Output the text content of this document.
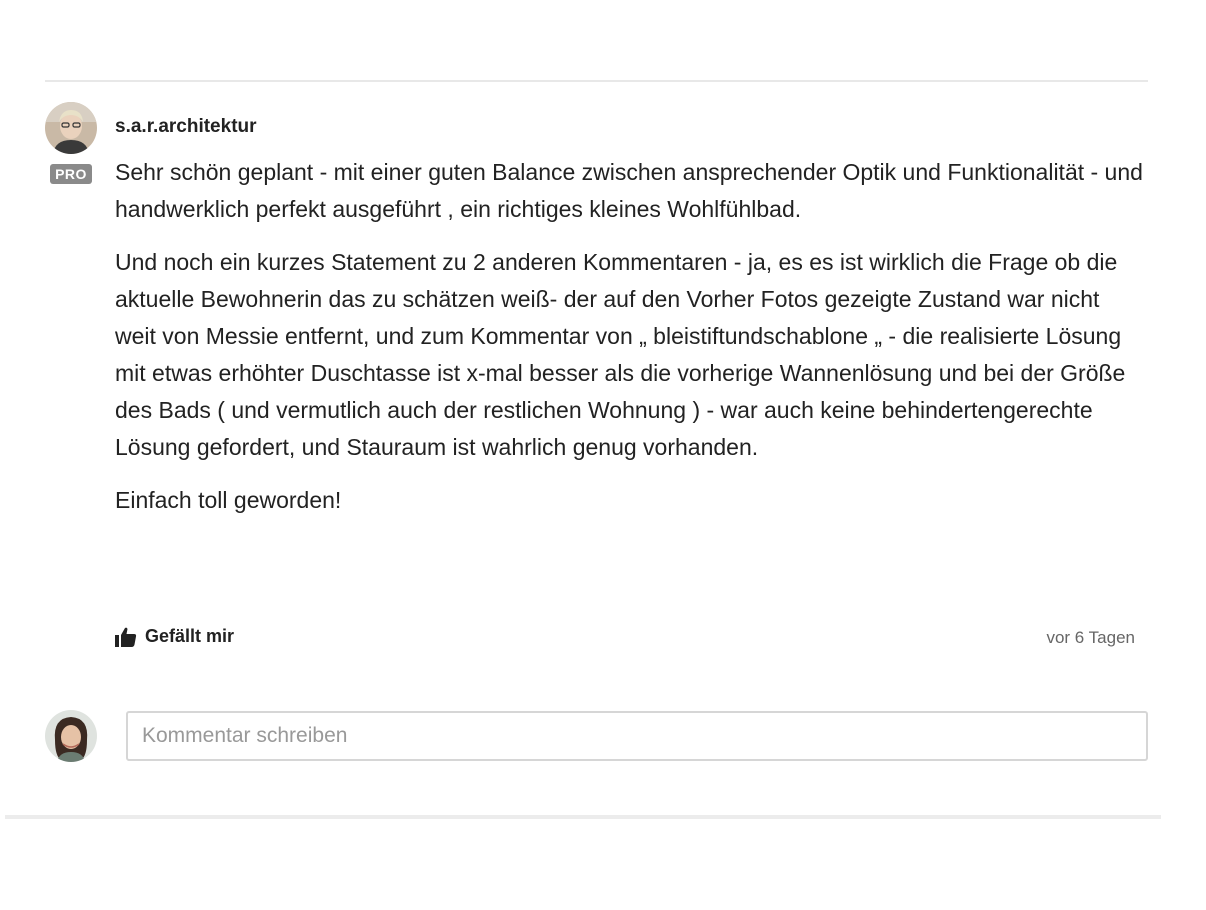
PRO
s.a.r.architektur

Sehr schön geplant - mit einer guten Balance zwischen ansprechender Optik und Funktionalität - und handwerklich perfekt ausgeführt , ein richtiges kleines Wohlfühlbad.

Und noch ein kurzes Statement zu 2 anderen Kommentaren - ja, es es ist wirklich die Frage ob die aktuelle Bewohnerin das zu schätzen weiß- der auf den Vorher Fotos gezeigte Zustand war nicht weit von Messie entfernt, und zum Kommentar von „ bleistiftundschablone „ - die realisierte Lösung mit etwas erhöhter Duschtasse ist x-mal besser als die vorherige Wannenlösung und bei der Größe des Bads ( und vermutlich auch der restlichen Wohnung ) - war auch keine behindertengerechte Lösung gefordert, und Stauraum ist wahrlich genug vorhanden.

Einfach toll geworden!

Gefällt mir	vor 6 Tagen
Kommentar schreiben
